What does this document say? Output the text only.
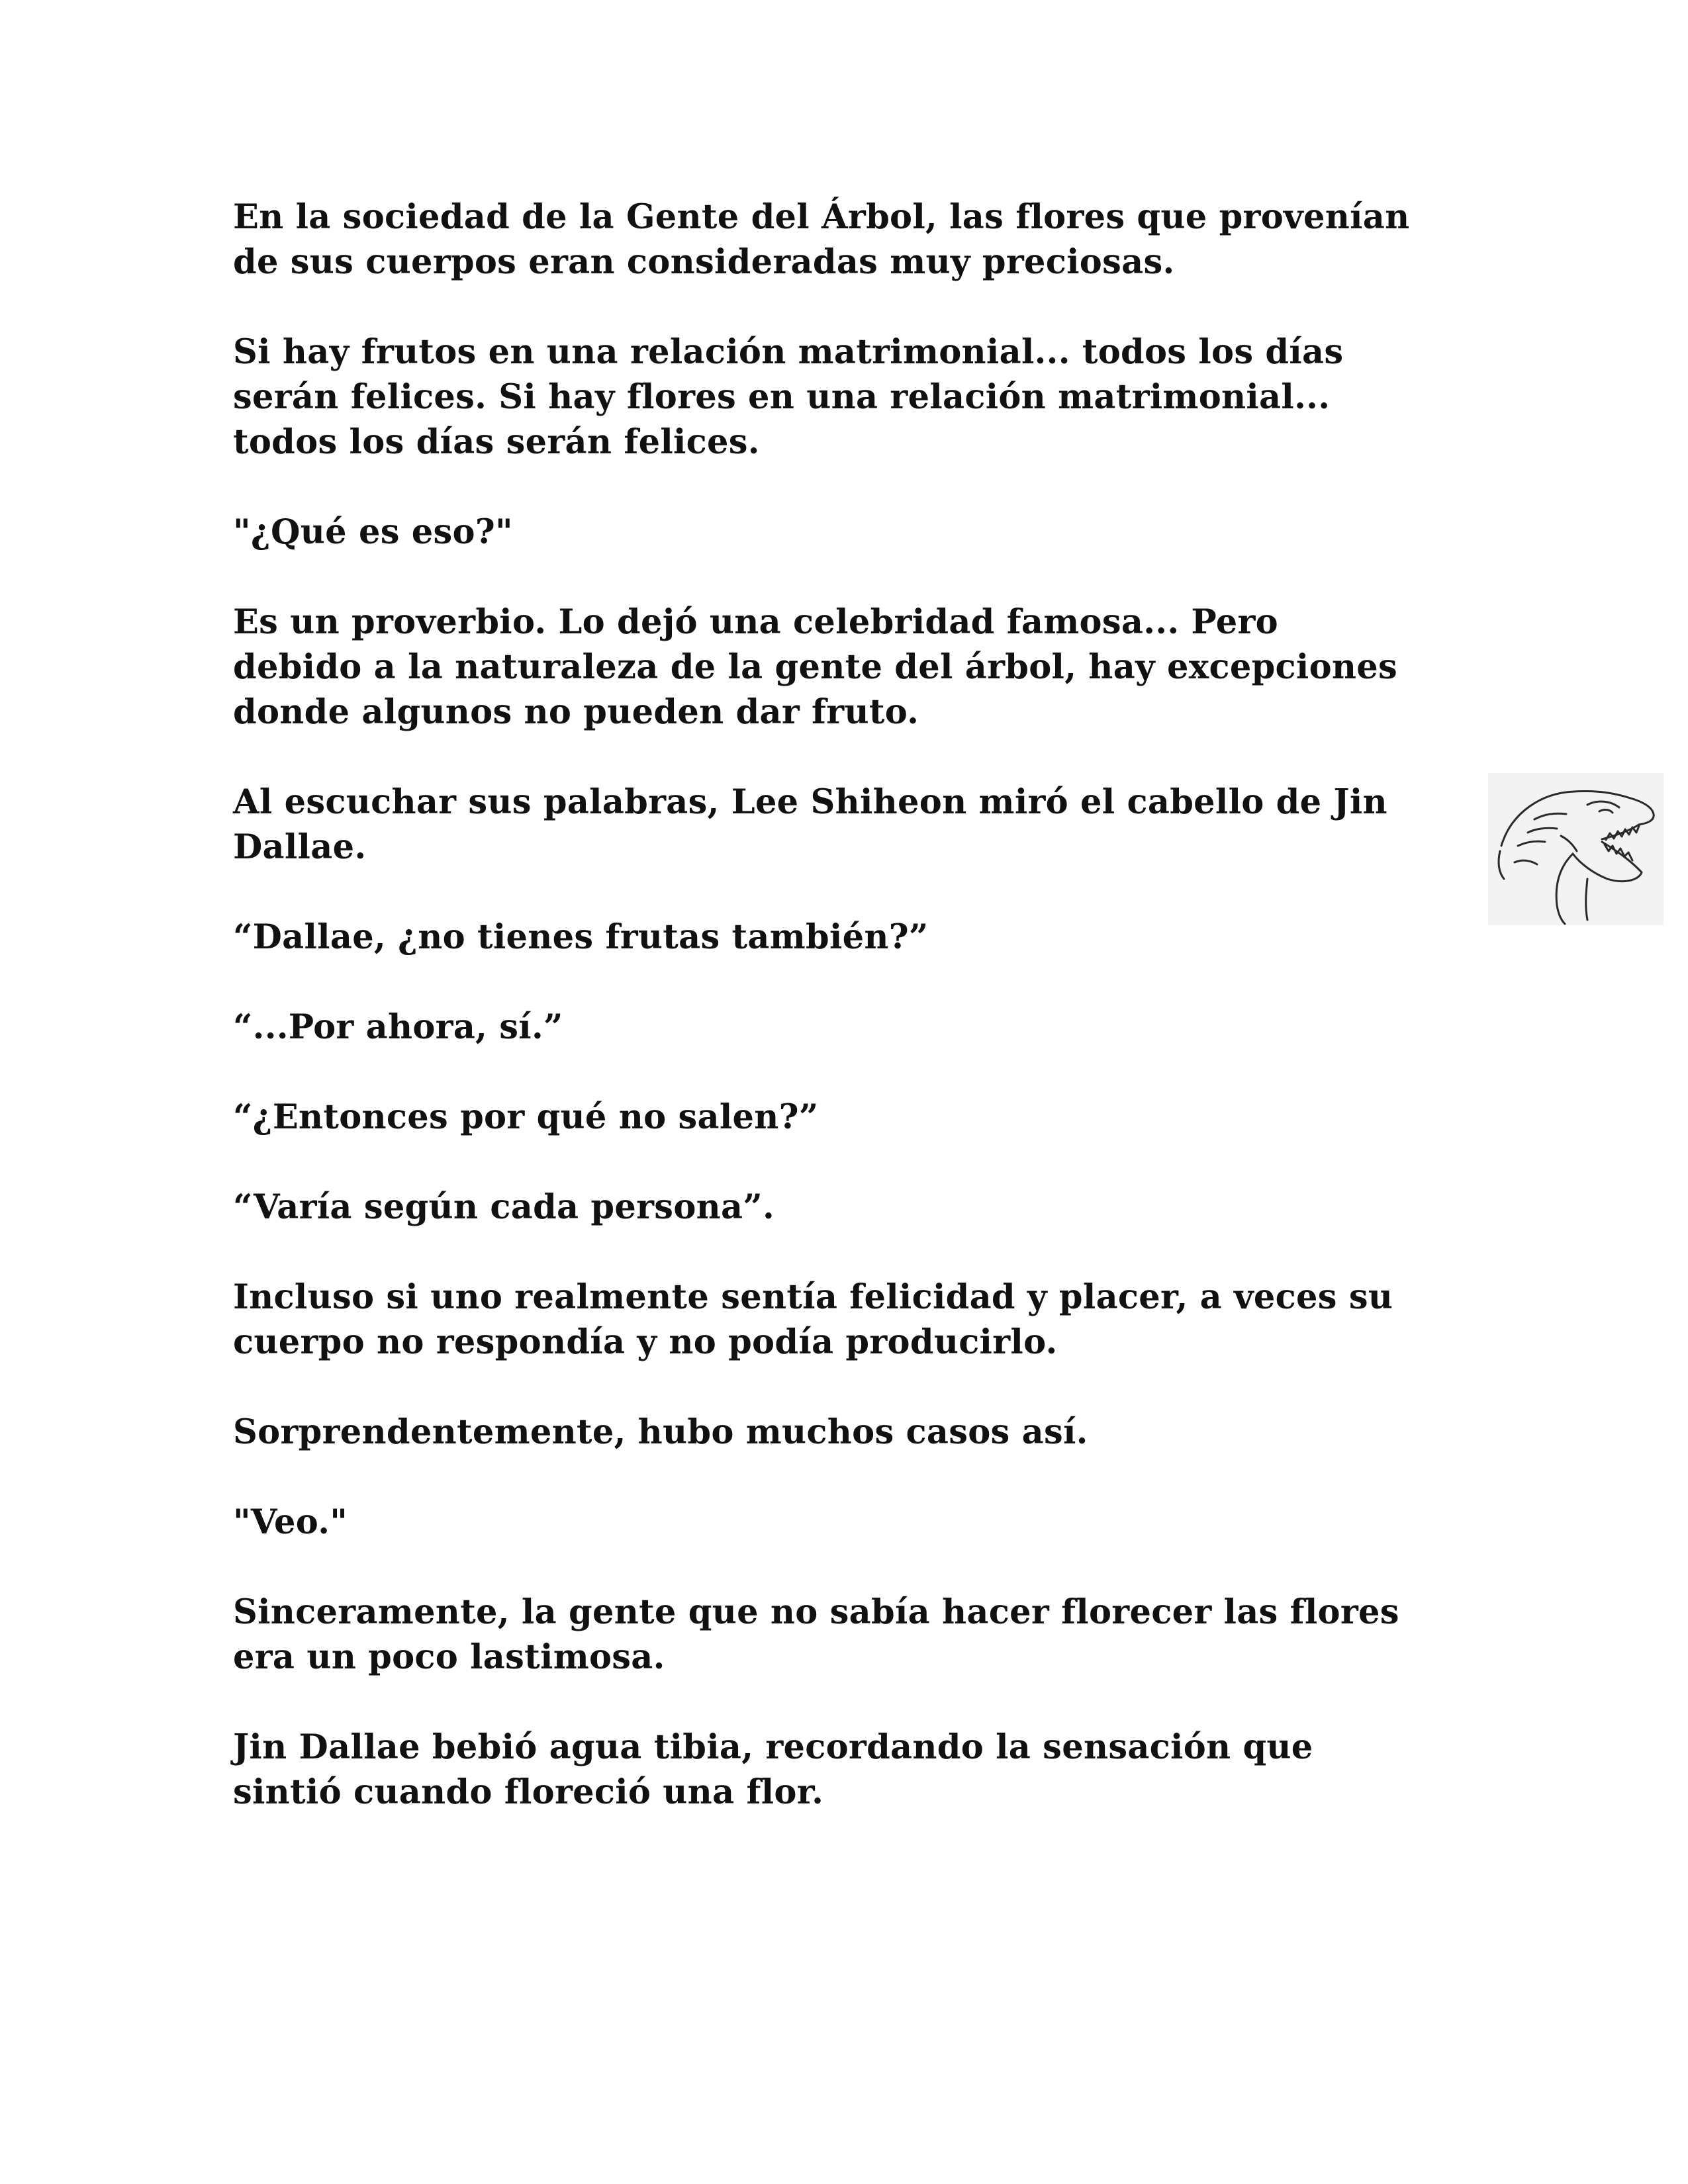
En la sociedad de la Gente del Árbol, las flores que provenían
de sus cuerpos eran consideradas muy preciosas.

Si hay frutos en una relación matrimonial... todos los días
serán felices. Si hay flores en una relación matrimonial...
todos los días serán felices.

"¿Qué es eso?"

Es un proverbio. Lo dejó una celebridad famosa... Pero
debido a la naturaleza de la gente del árbol, hay excepciones
donde algunos no pueden dar fruto.

Al escuchar sus palabras, Lee Shiheon miró el cabello de Jin
Dallae.

“Dallae, ¿no tienes frutas también?”

“...Por ahora, sí.”

“¿Entonces por qué no salen?”

“Varía según cada persona”.

Incluso si uno realmente sentía felicidad y placer, a veces su
cuerpo no respondía y no podía producirlo.

Sorprendentemente, hubo muchos casos así.

"Veo."

Sinceramente, la gente que no sabía hacer florecer las flores
era un poco lastimosa.

Jin Dallae bebió agua tibia, recordando la sensación que
sintió cuando floreció una flor.
